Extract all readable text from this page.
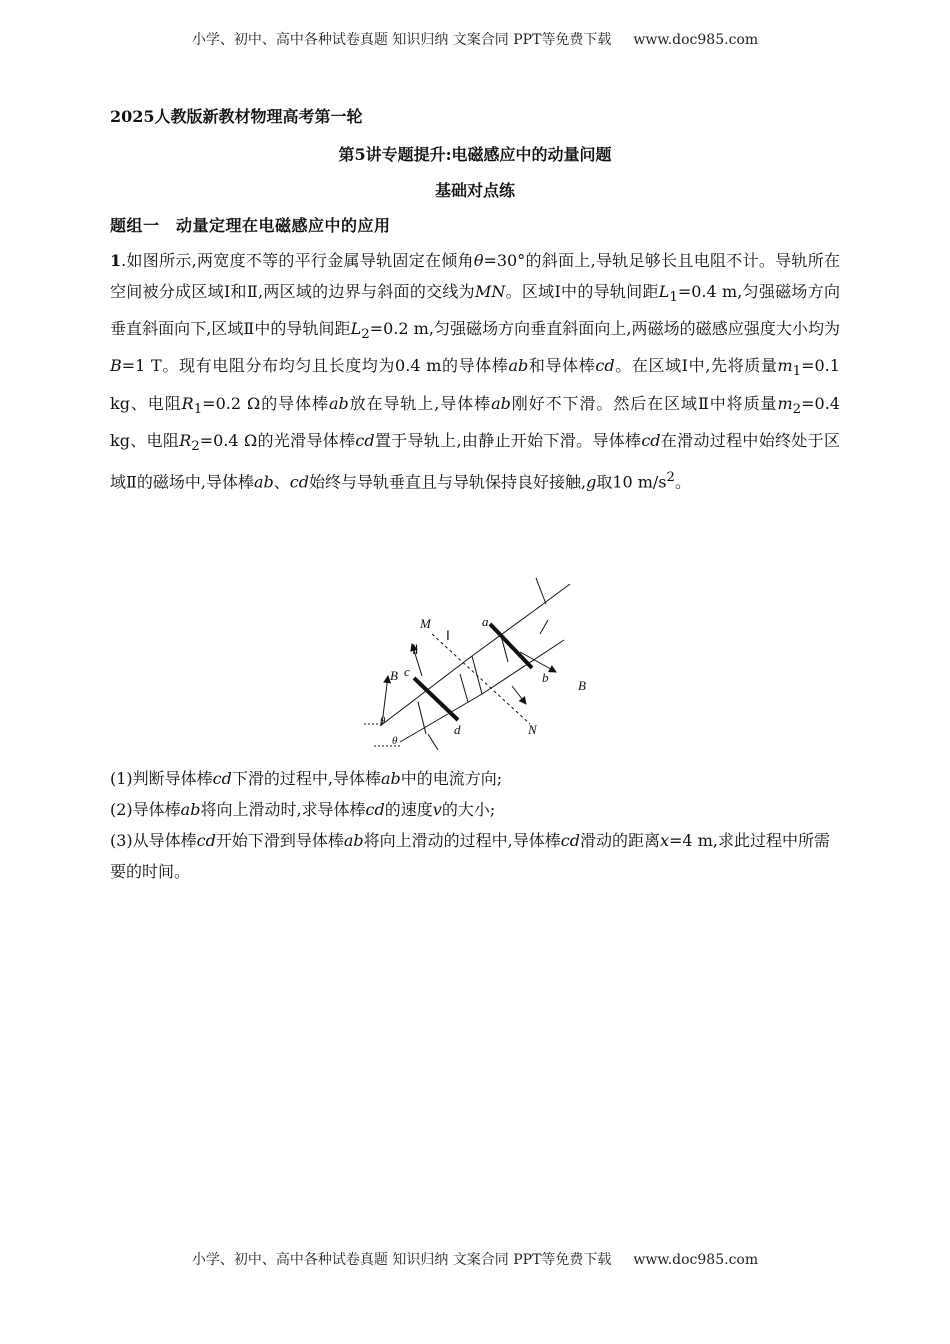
小学、初中、高中各种试卷真题 知识归纳 文案合同 PPT等免费下载 www.doc985.com
2025人教版新教材物理高考第一轮
第5讲专题提升:电磁感应中的动量问题
基础对点练
题组一　动量定理在电磁感应中的应用
1.如图所示,两宽度不等的平行金属导轨固定在倾角θ=30°的斜面上,导轨足够长且电阻不计。导轨所在空间被分成区域Ⅰ和Ⅱ,两区域的边界与斜面的交线为MN。区域Ⅰ中的导轨间距$L_1=0.4$ m,匀强磁场方向垂直斜面向下,区域Ⅱ中的导轨间距$L_2=0.2$ m,匀强磁场方向垂直斜面向上,两磁场的磁感应强度大小均为B=1 T。现有电阻分布均匀且长度均为0.4 m的导体棒ab和导体棒cd。在区域Ⅰ中,先将质量$m_1=0.1$ kg、电阻$R_1=0.2$ Ω的导体棒ab放在导轨上,导体棒ab刚好不下滑。然后在区域Ⅱ中将质量$m_2=0.4$ kg、电阻$R_2=0.4$ Ω的光滑导体棒cd置于导轨上,由静止开始下滑。导体棒cd在滑动过程中始终处于区域Ⅱ的磁场中,导体棒ab、cd始终与导轨垂直且与导轨保持良好接触,g取10 $m/s^2$。
M
N
a
b
c
d
B
B
θ
θ
Ⅰ
Ⅱ

(1)判断导体棒cd下滑的过程中,导体棒ab中的电流方向;

(2)导体棒ab将向上滑动时,求导体棒cd的速度v的大小;

(3)从导体棒cd开始下滑到导体棒ab将向上滑动的过程中,导体棒cd滑动的距离x=4 m,求此过程中所需要的时间。

小学、初中、高中各种试卷真题 知识归纳 文案合同 PPT等免费下载 www.doc985.com
